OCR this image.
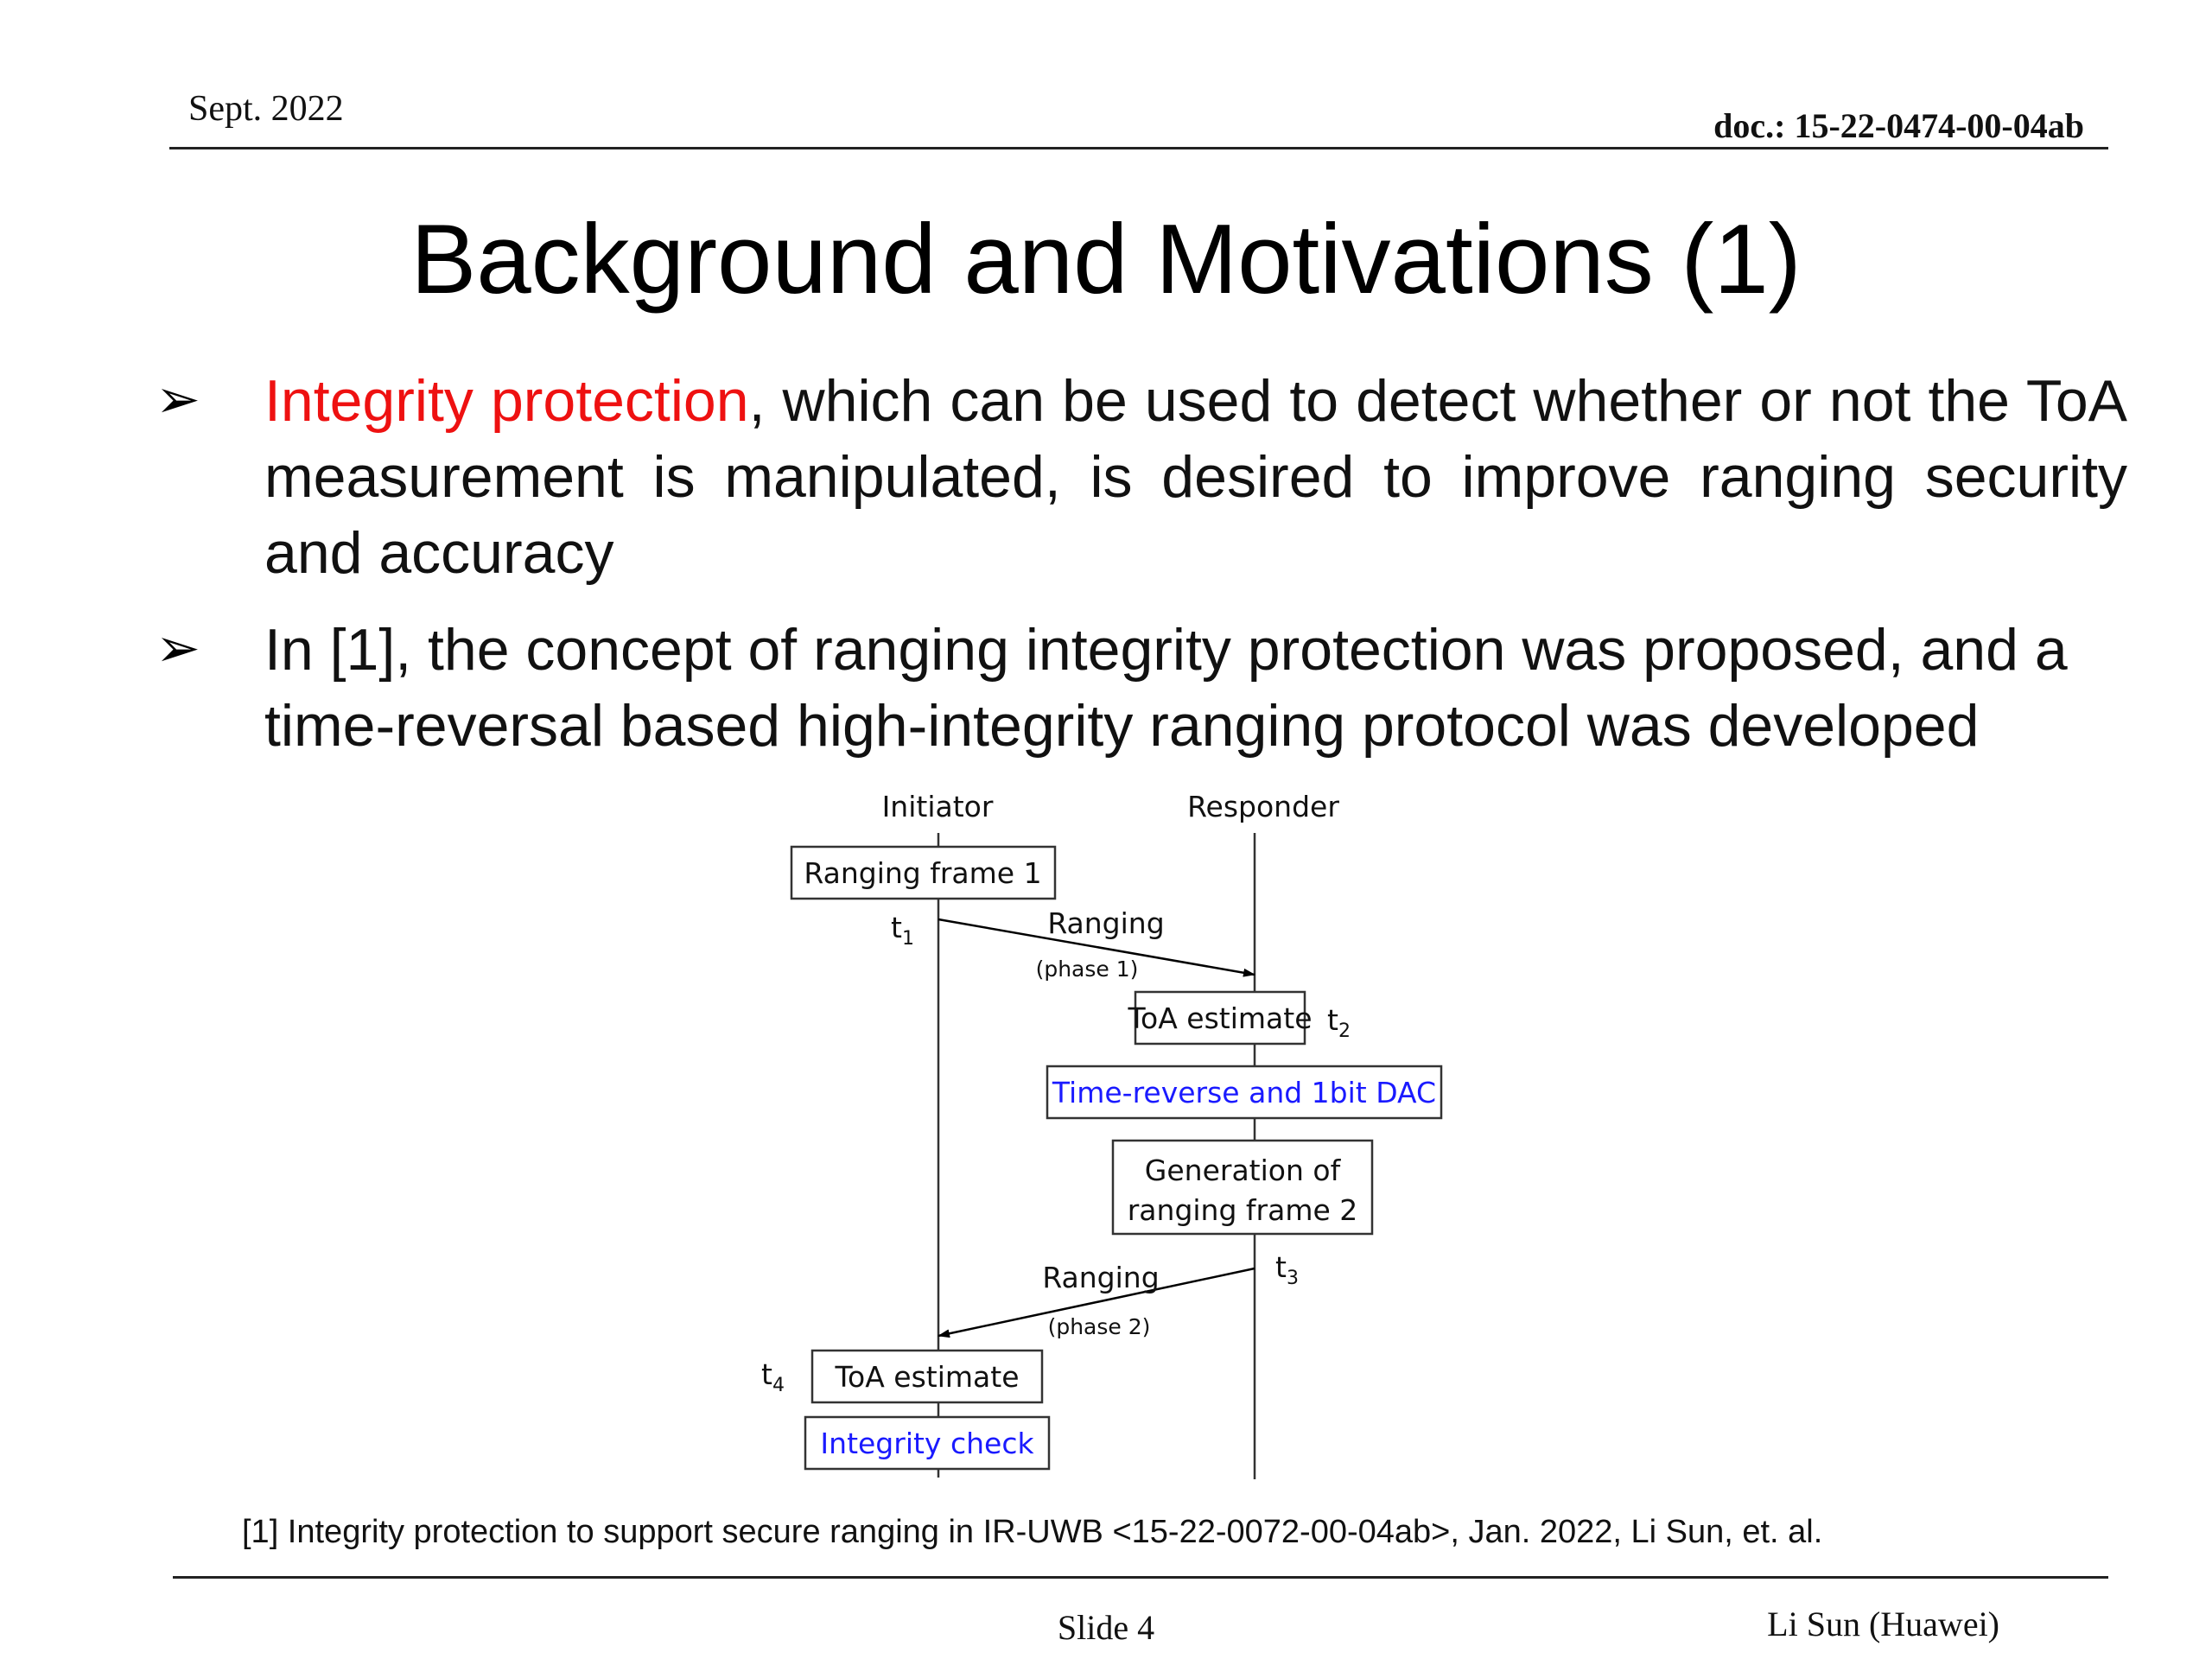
Sept. 2022	doc.: 15-22-0474-00-04ab
Background and Motivations (1)
➢ Integrity protection, which can be used to detect whether or not the ToA measurement is manipulated, is desired to improve ranging security and accuracy
➢ In [1], the concept of ranging integrity protection was proposed, and a time-reversal based high-integrity ranging protocol was developed
Initiator	Responder
Ranging frame 1
$t_1$	Ranging
(phase 1)
ToA estimate $t_2$
Time-reverse and 1bit DAC
Generation of
ranging frame 2
$t_3$
Ranging
(phase 2)
$t_4$ ToA estimate
Integrity check
[1] Integrity protection to support secure ranging in IR-UWB <15-22-0072-00-04ab>, Jan. 2022, Li Sun, et. al.
Slide 4	Li Sun (Huawei)
